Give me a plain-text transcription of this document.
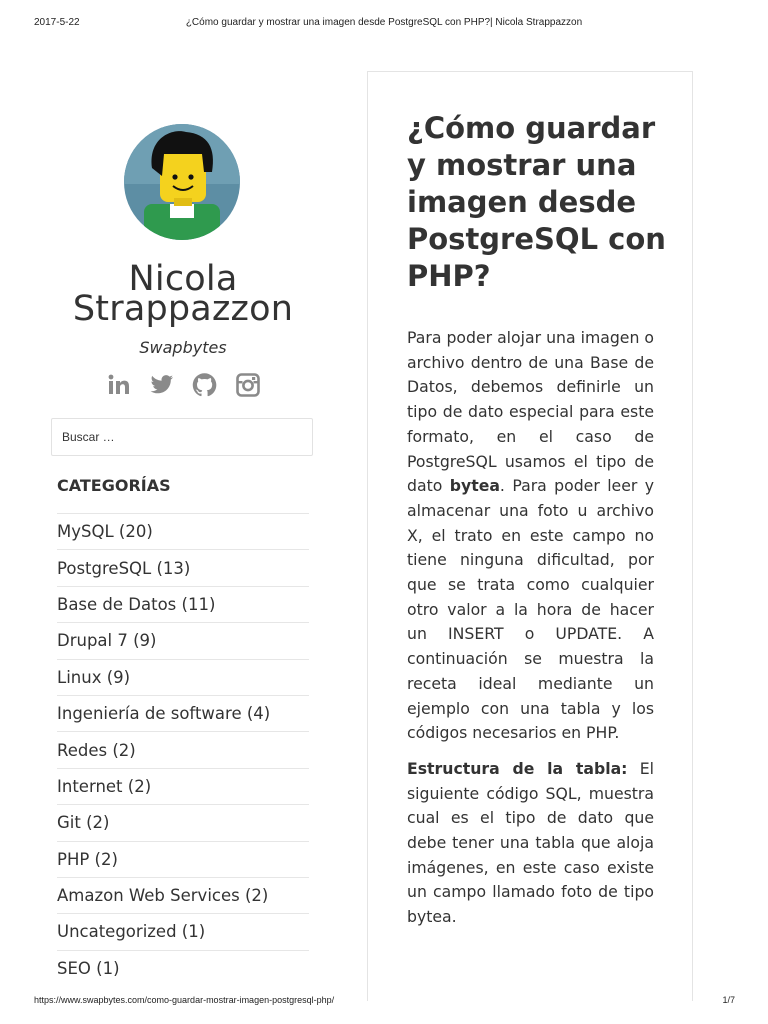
2017-5-22	¿Cómo guardar y mostrar una imagen desde PostgreSQL con PHP?| Nicola Strappazzon
Nicola
Strappazzon
Swapbytes
Buscar …
CATEGORÍAS
MySQL (20)
PostgreSQL (13)
Base de Datos (11)
Drupal 7 (9)
Linux (9)
Ingeniería de software (4)
Redes (2)
Internet (2)
Git (2)
PHP (2)
Amazon Web Services (2)
Uncategorized (1)
SEO (1)
¿Cómo guardar y mostrar una imagen desde PostgreSQL con PHP?

Para poder alojar una imagen o archivo dentro de una Base de Datos, debemos definirle un tipo de dato especial para este formato, en el caso de PostgreSQL usamos el tipo de dato bytea. Para poder leer y almacenar una foto u archivo X, el trato en este campo no tiene ninguna dificultad, por que se trata como cualquier otro valor a la hora de hacer un INSERT o UPDATE. A continuación se muestra la receta ideal mediante un ejemplo con una tabla y los códigos necesarios en PHP.

Estructura de la tabla: El siguiente código SQL, muestra cual es el tipo de dato que debe tener una tabla que aloja imágenes, en este caso existe un campo llamado foto de tipo bytea.

https://www.swapbytes.com/como-guardar-mostrar-imagen-postgresql-php/	1/7
